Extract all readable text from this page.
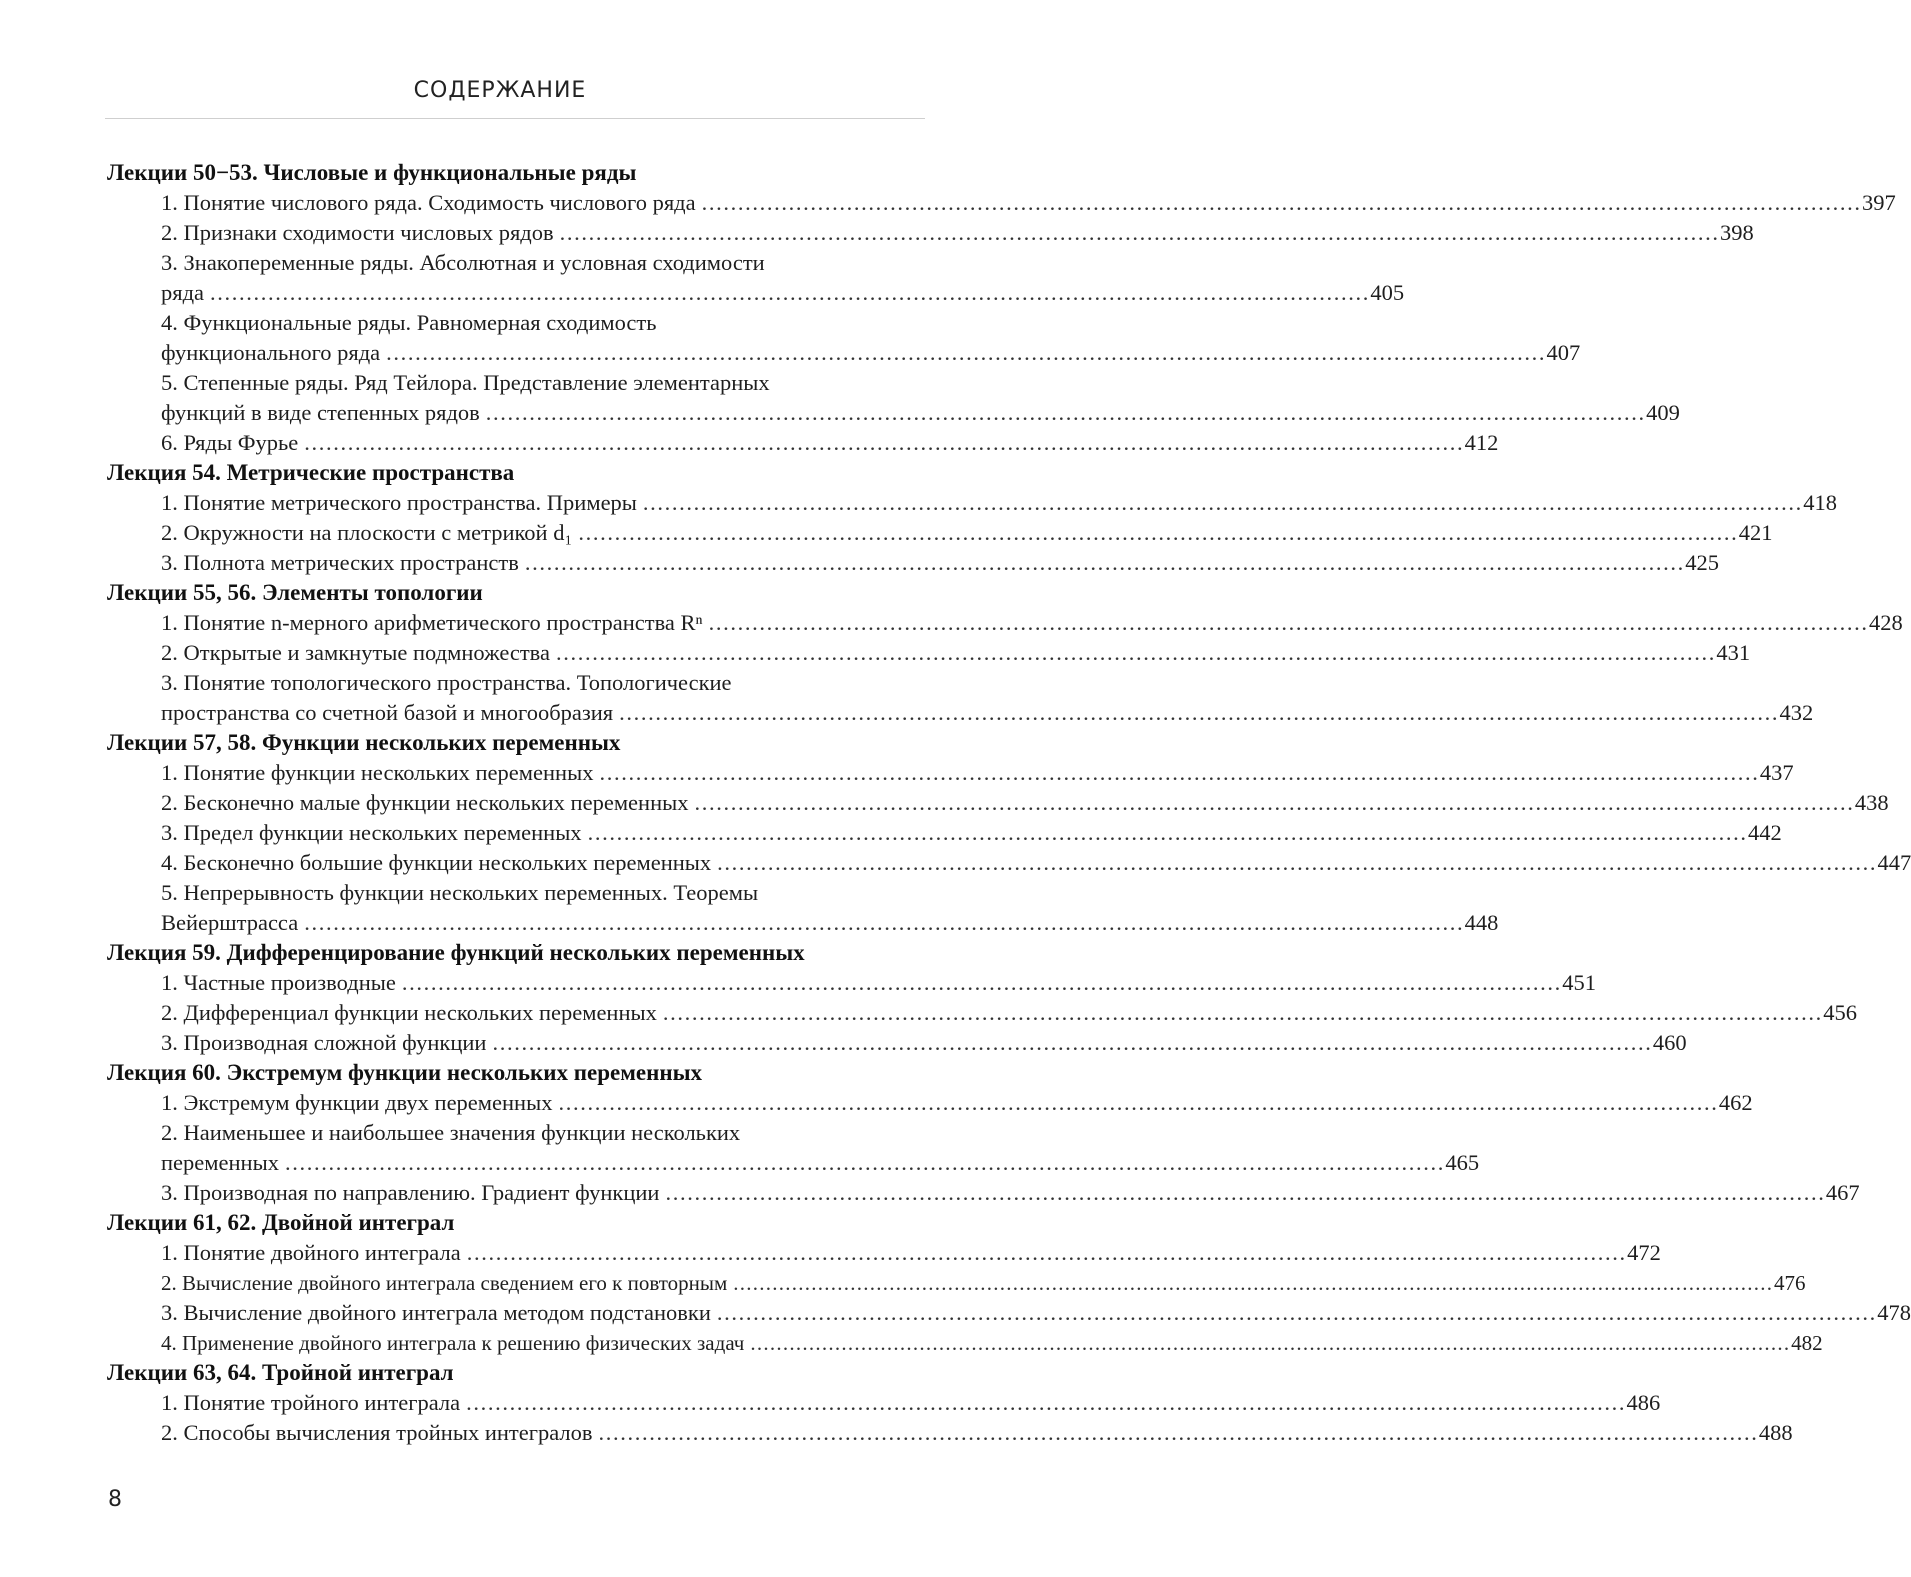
СОДЕРЖАНИЕ
Лекции 50−53. Числовые и функциональные ряды
1. Понятие числового ряда. Сходимость числового ряда . . .	397
2. Признаки сходимости числовых рядов . . .	398
3. Знакопеременные ряды. Абсолютная и условная сходимости
ряда . . .	405
4. Функциональные ряды. Равномерная сходимость
функционального ряда . . .	407
5. Степенные ряды. Ряд Тейлора. Представление элементарных
функций в виде степенных рядов . . .	409
6. Ряды Фурье . . .	412
Лекция 54. Метрические пространства
1. Понятие метрического пространства. Примеры . . .	418
2. Окружности на плоскости с метрикой d₁ . . .	421
3. Полнота метрических пространств . . .	425
Лекции 55, 56. Элементы топологии
1. Понятие n-мерного арифметического пространства Rⁿ . . .	428
2. Открытые и замкнутые подмножества . . .	431
3. Понятие топологического пространства. Топологические
пространства со счетной базой и многообразия . . .	432
Лекции 57, 58. Функции нескольких переменных
1. Понятие функции нескольких переменных . . .	437
2. Бесконечно малые функции нескольких переменных . . .	438
3. Предел функции нескольких переменных . . .	442
4. Бесконечно большие функции нескольких переменных . . .	447
5. Непрерывность функции нескольких переменных. Теоремы
Вейерштрасса . . .	448
Лекция 59. Дифференцирование функций нескольких переменных
1. Частные производные . . .	451
2. Дифференциал функции нескольких переменных . . .	456
3. Производная сложной функции . . .	460
Лекция 60. Экстремум функции нескольких переменных
1. Экстремум функции двух переменных . . .	462
2. Наименьшее и наибольшее значения функции нескольких
переменных . . .	465
3. Производная по направлению. Градиент функции . . .	467
Лекции 61, 62. Двойной интеграл
1. Понятие двойного интеграла . . .	472
2. Вычисление двойного интеграла сведением его к повторным . . .	476
3. Вычисление двойного интеграла методом подстановки . . .	478
4. Применение двойного интеграла к решению физических задач . . .	482
Лекции 63, 64. Тройной интеграл
1. Понятие тройного интеграла . . .	486
2. Способы вычисления тройных интегралов . . .	488
8
